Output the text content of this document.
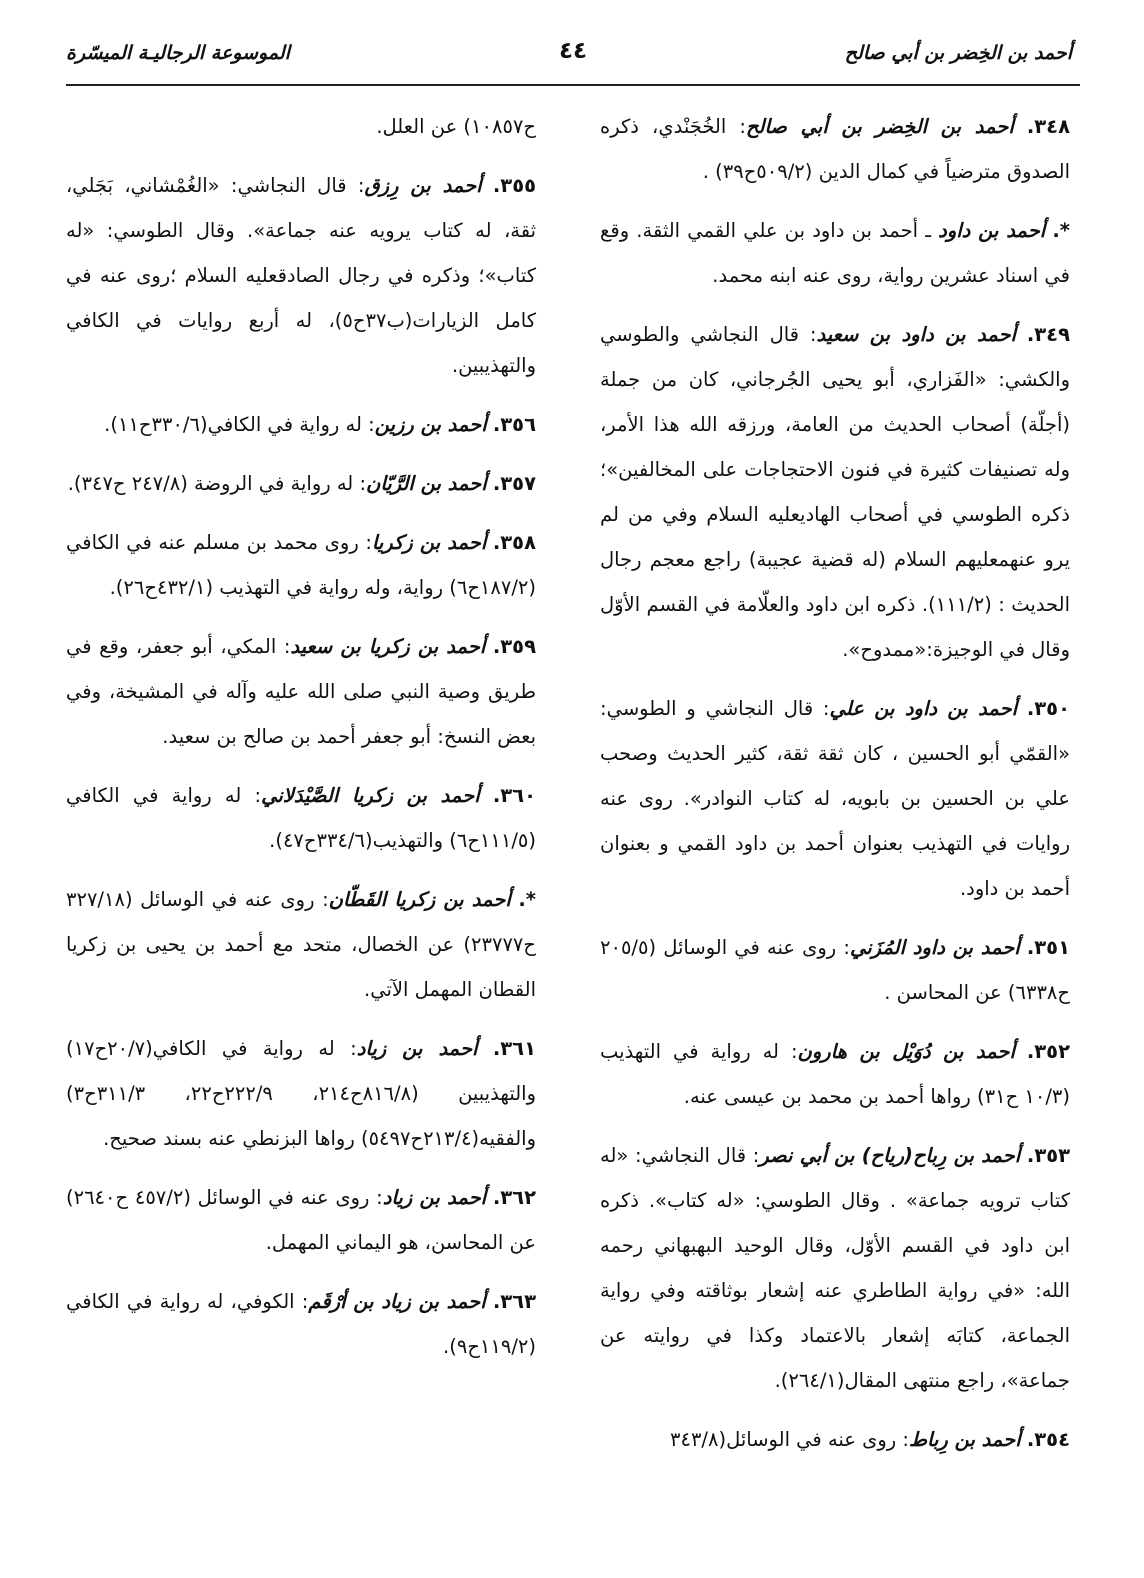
أحمد بن الخِضر بن أبي صالح
٤٤
الموسوعة الرجاليـة الميسّرة

٣٤٨. أحمد بن الخِضر بن أبي صالح: الخُجَنْدي، ذكره الصدوق مترضياً في كمال الدين (٥٠٩/٢ح٣٩) .

*. أحمد بن داود ـ أحمد بن داود بن علي القمي الثقة. وقع في اسناد عشرين رواية، روى عنه ابنه محمد.

٣٤٩. أحمد بن داود بن سعيد: قال النجاشي والطوسي والكشي: «الفَزاري، أبو يحيى الجُرجاني، كان من جملة (أجلّة) أصحاب الحديث من العامة، ورزقه الله هذا الأمر، وله تصنيفات كثيرة في فنون الاحتجاجات على المخالفين»؛ذكره الطوسي في أصحاب الهادي‏عليه السلام وفي من لم يرو عنهم‏عليهم السلام (له قضية عجيبة) راجع معجم رجال الحديث : (١١١/٢). ذكره ابن داود والعلّامة في القسم الأوّل وقال في الوجيزة:«ممدوح».

٣٥٠. أحمد بن داود بن علي: قال النجاشي و الطوسي: «القمّي أبو الحسين ، كان ثقة ثقة، كثير الحديث وصحب علي بن الحسين بن بابويه، له كتاب النوادر». روى عنه روايات في التهذيب بعنوان أحمد بن داود القمي و بعنوان أحمد بن داود.

٣٥١. أحمد بن داود المُزَني: روى عنه في الوسائل (٢٠٥/٥ ح٦٣٣٨) عن المحاسن .

٣٥٢. أحمد بن دُوَيْل بن هارون: له رواية في التهذيب (١٠/٣ ح٣١) رواها أحمد بن محمد بن عيسى عنه.

٣٥٣. أحمد بن رِباح(رياح) بن أبي نصر: قال النجاشي: «له كتاب ترويه جماعة» . وقال الطوسي: «له كتاب». ذكره ابن داود في القسم الأوّل، وقال الوحيد البهبهاني رحمه الله: «في رواية الطاطري عنه إشعار بوثاقته وفي رواية الجماعة، كتابَه إشعار بالاعتماد وكذا في روايته عن جماعة»، راجع منتهى المقال(٢٦٤/١).

٣٥٤. أحمد بن رِباط: روى عنه في الوسائل(٣٤٣/٨

ح١٠٨٥٧) عن العلل.

٣٥٥. أحمد بن رِزق: قال النجاشي: «الغُمْشاني، بَجَلي، ثقة، له كتاب يرويه عنه جماعة». وقال الطوسي: «له كتاب»؛ وذكره في رجال الصادق‏عليه السلام ؛روى عنه في كامل الزيارات(ب٣٧ح٥)، له أربع روايات في الكافي والتهذيبين.

٣٥٦. أحمد بن رزين: له رواية في الكافي(٣٣٠/٦ح١١).

٣٥٧. أحمد بن الرَّيّان: له رواية في الروضة (٢٤٧/٨ ح٣٤٧).

٣٥٨. أحمد بن زكريا: روى محمد بن مسلم عنه في الكافي (١٨٧/٢ح٦) رواية، وله رواية في التهذيب (٤٣٢/١ح٢٦).

٣٥٩. أحمد بن زكريا بن سعيد: المكي، أبو جعفر، وقع في طريق وصية النبي صلى الله عليه وآله في المشيخة، وفي بعض النسخ: أبو جعفر أحمد بن صالح بن سعيد.

٣٦٠. أحمد بن زكريا الصَّيْدَلاني: له رواية في الكافي (١١١/٥ح٦) والتهذيب(٣٣٤/٦ح٤٧).

*. أحمد بن زكريا القَطّان: روى عنه في الوسائل (٣٢٧/١٨ ح٢٣٧٧٧) عن الخصال، متحد مع أحمد بن يحيى بن زكريا القطان المهمل الآتي.

٣٦١. أحمد بن زياد: له رواية في الكافي(٢٠/٧ح١٧) والتهذيبين (٨١٦/٨ح٢١٤، ٢٢٢/٩ح٢٢، ٣١١/٣ح٣) والفقيه(٢١٣/٤ح٥٤٩٧) رواها البزنطي عنه بسند صحيح.

٣٦٢. أحمد بن زياد: روى عنه في الوسائل (٤٥٧/٢ ح٢٦٤٠) عن المحاسن، هو اليماني المهمل.

٣٦٣. أحمد بن زياد بن أرْقَم: الكوفي، له رواية في الكافي (١١٩/٢ح٩).
